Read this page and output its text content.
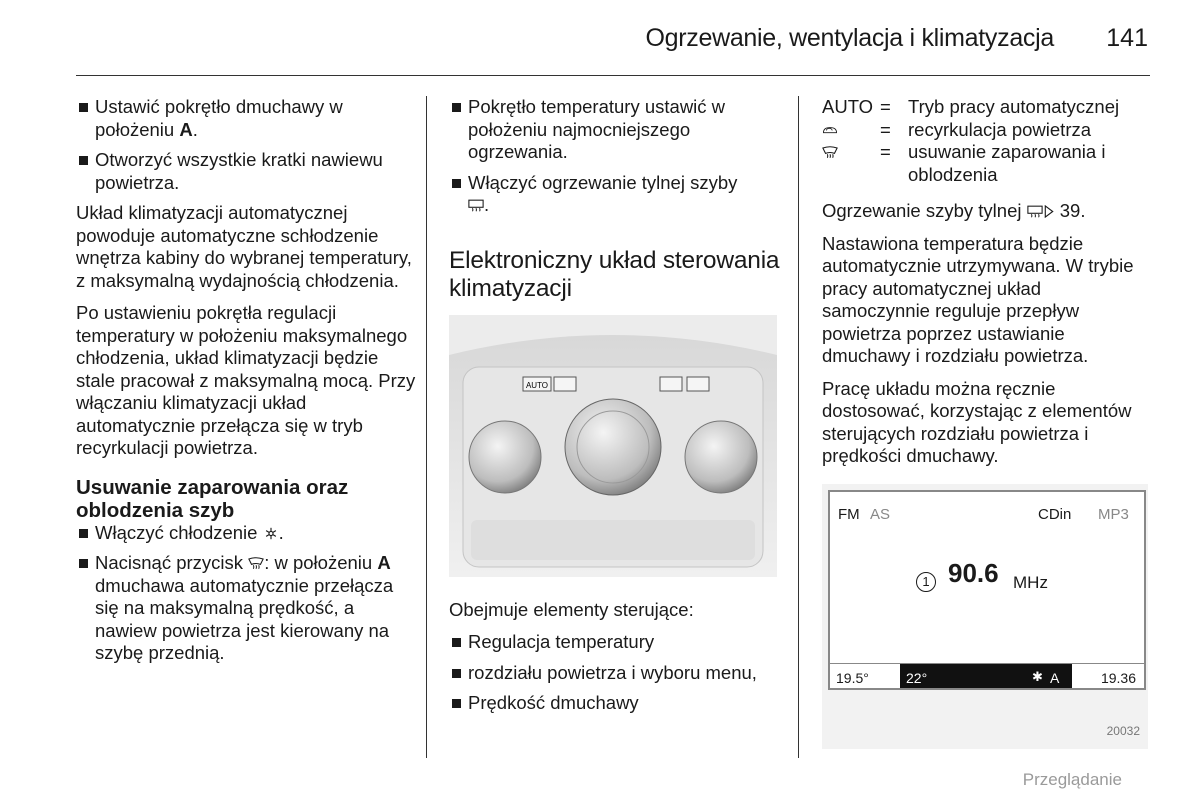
Ogrzewanie, wentylacja i klimatyzacja 141
Ustawić pokrętło dmuchawy w położeniu A.
Otworzyć wszystkie kratki nawiewu powietrza.

Układ klimatyzacji automatycznej powoduje automatyczne schłodzenie wnętrza kabiny do wybranej temperatury, z maksymalną wydajnością chłodzenia.

Po ustawieniu pokrętła regulacji temperatury w położeniu maksymalnego chłodzenia, układ klimatyzacji będzie stale pracował z maksymalną mocą. Przy włączaniu klimatyzacji układ automatycznie przełącza się w tryb recyrkulacji powietrza.

Usuwanie zaparowania oraz oblodzenia szyb
Włączyć chłodzenie .
Nacisnąć przycisk : w położeniu A dmuchawa automatycznie przełącza się na maksymalną prędkość, a nawiew powietrza jest kierowany na szybę przednią.
Pokrętło temperatury ustawić w położeniu najmocniejszego ogrzewania.
Włączyć ogrzewanie tylnej szyby
.
Elektroniczny układ sterowania klimatyzacji
AUTO

Obejmuje elementy sterujące:

Regulacja temperatury
rozdziału powietrza i wyboru menu,
Prędkość dmuchawy
AUTO = Tryb pracy automatycznej
= recyrkulacja powietrza
= usuwanie zaparowania i oblodzenia

Ogrzewanie szyby tylnej  39.

Nastawiona temperatura będzie automatycznie utrzymywana. W trybie pracy automatycznej układ samoczynnie reguluje przepływ powietrza poprzez ustawianie dmuchawy i rozdziału powietrza.

Pracę układu można ręcznie dostosować, korzystając z elementów sterujących rozdziału powietrza i prędkości dmuchawy.

FM AS	CDin MP3
1 90.6 MHz
19.5°	22°	✱ A	19.36
20032
Przeglądanie
